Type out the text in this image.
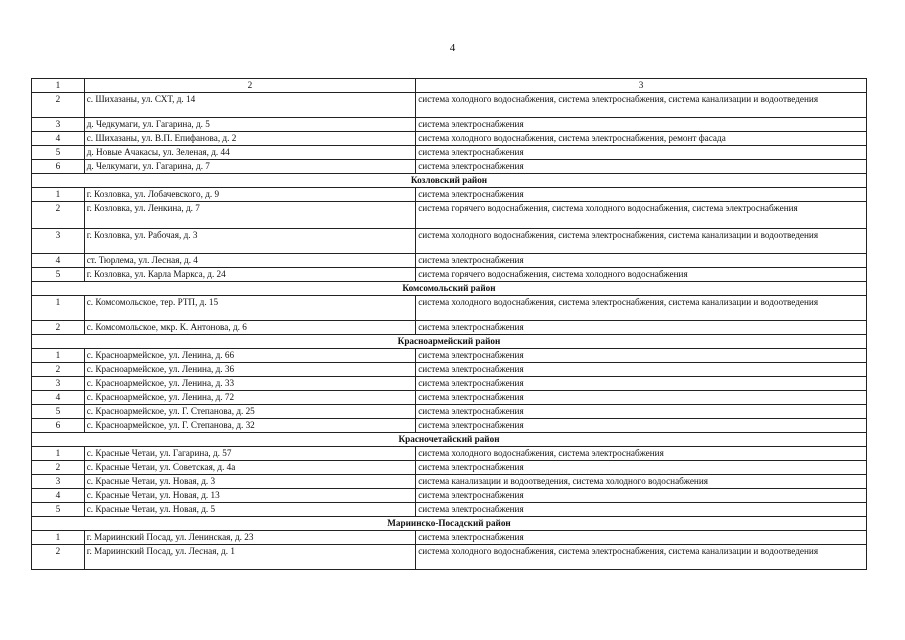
4
1	2	3
2	с. Шихазаны, ул. СХТ, д. 14	система холодного водоснабжения, система электроснабжения, система канализации и водоотведения
3	д. Чедкумаги, ул. Гагарина, д. 5	система электроснабжения
4	с. Шихазаны, ул. В.П. Епифанова, д. 2	система холодного водоснабжения, система электроснабжения, ремонт фасада
5	д. Новые Ачакасы, ул. Зеленая, д. 44	система электроснабжения
6	д. Челкумаги, ул. Гагарина, д. 7	система электроснабжения
Козловский район		
1	г. Козловка, ул. Лобачевского, д. 9	система электроснабжения
2	г. Козловка, ул. Ленкина, д. 7	система горячего водоснабжения, система холодного водоснабжения, система электроснабжения
3	г. Козловка, ул. Рабочая, д. 3	система холодного водоснабжения, система электроснабжения, система канализации и водоотведения
4	ст. Тюрлема, ул. Лесная, д. 4	система электроснабжения
5	г. Козловка, ул. Карла Маркса, д. 24	система горячего водоснабжения, система холодного водоснабжения
Комсомольский район		
1	с. Комсомольское, тер. РТП, д. 15	система холодного водоснабжения, система электроснабжения, система канализации и водоотведения
2	с. Комсомольское, мкр. К. Антонова, д. 6	система электроснабжения
Красноармейский район		
1	с. Красноармейское, ул. Ленина, д. 66	система электроснабжения
2	с. Красноармейское, ул. Ленина, д. 36	система электроснабжения
3	с. Красноармейское, ул. Ленина, д. 33	система электроснабжения
4	с. Красноармейское, ул. Ленина, д. 72	система электроснабжения
5	с. Красноармейское, ул. Г. Степанова, д. 25	система электроснабжения
6	с. Красноармейское, ул. Г. Степанова, д. 32	система электроснабжения
Красночетайский район		
1	с. Красные Четаи, ул. Гагарина, д. 57	система холодного водоснабжения, система электроснабжения
2	с. Красные Четаи, ул. Советская, д. 4а	система электроснабжения
3	с. Красные Четаи, ул. Новая, д. 3	система канализации и водоотведения, система холодного водоснабжения
4	с. Красные Четаи, ул. Новая, д. 13	система электроснабжения
5	с. Красные Четаи, ул. Новая, д. 5	система электроснабжения
Мариинско-Посадский район		
1	г. Мариинский Посад, ул. Ленинская, д. 23	система электроснабжения
2	г. Мариинский Посад, ул. Лесная, д. 1	система холодного водоснабжения, система электроснабжения, система канализации и водоотведения
